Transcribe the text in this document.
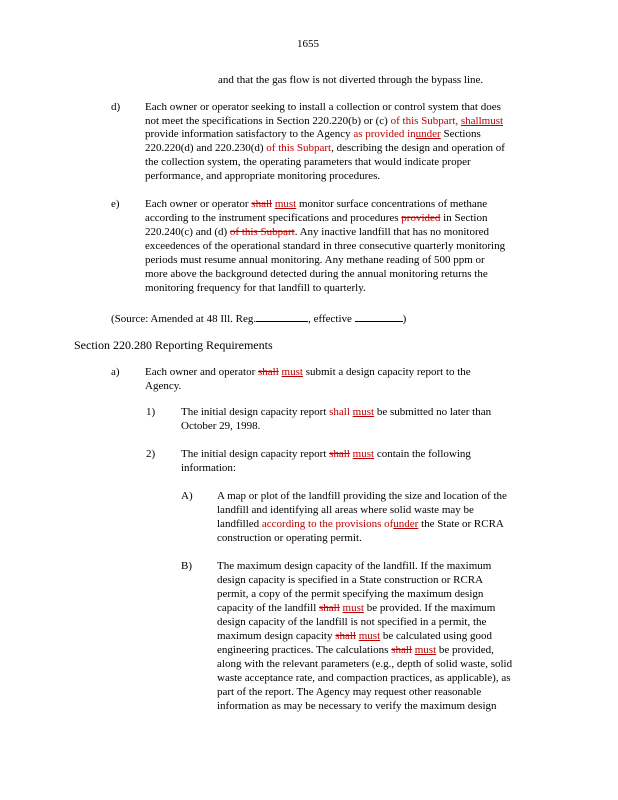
1655
and that the gas flow is not diverted through the bypass line.
d) Each owner or operator seeking to install a collection or control system that does
not meet the specifications in Section 220.220(b) or (c) of this Subpart, shallmust
provide information satisfactory to the Agency as provided inunder Sections
220.220(d) and 220.230(d) of this Subpart, describing the design and operation of
the collection system, the operating parameters that would indicate proper
performance, and appropriate monitoring procedures.
e) Each owner or operator shall must monitor surface concentrations of methane
according to the instrument specifications and procedures provided in Section
220.240(c) and (d) of this Subpart. Any inactive landfill that has no monitored
exceedences of the operational standard in three consecutive quarterly monitoring
periods must resume annual monitoring. Any methane reading of 500 ppm or
more above the background detected during the annual monitoring returns the
monitoring frequency for that landfill to quarterly.
(Source: Amended at 48 Ill. Reg.	, effective	)
Section 220.280 Reporting Requirements
a) Each owner and operator shall must submit a design capacity report to the
Agency.
1) The initial design capacity report shall must be submitted no later than
October 29, 1998.
2) The initial design capacity report shall must contain the following
information:
A) A map or plot of the landfill providing the size and location of the
landfill and identifying all areas where solid waste may be
landfilled according to the provisions ofunder the State or RCRA
construction or operating permit.
B) The maximum design capacity of the landfill. If the maximum
design capacity is specified in a State construction or RCRA
permit, a copy of the permit specifying the maximum design
capacity of the landfill shall must be provided. If the maximum
design capacity of the landfill is not specified in a permit, the
maximum design capacity shall must be calculated using good
engineering practices. The calculations shall must be provided,
along with the relevant parameters (e.g., depth of solid waste, solid
waste acceptance rate, and compaction practices, as applicable), as
part of the report. The Agency may request other reasonable
information as may be necessary to verify the maximum design
